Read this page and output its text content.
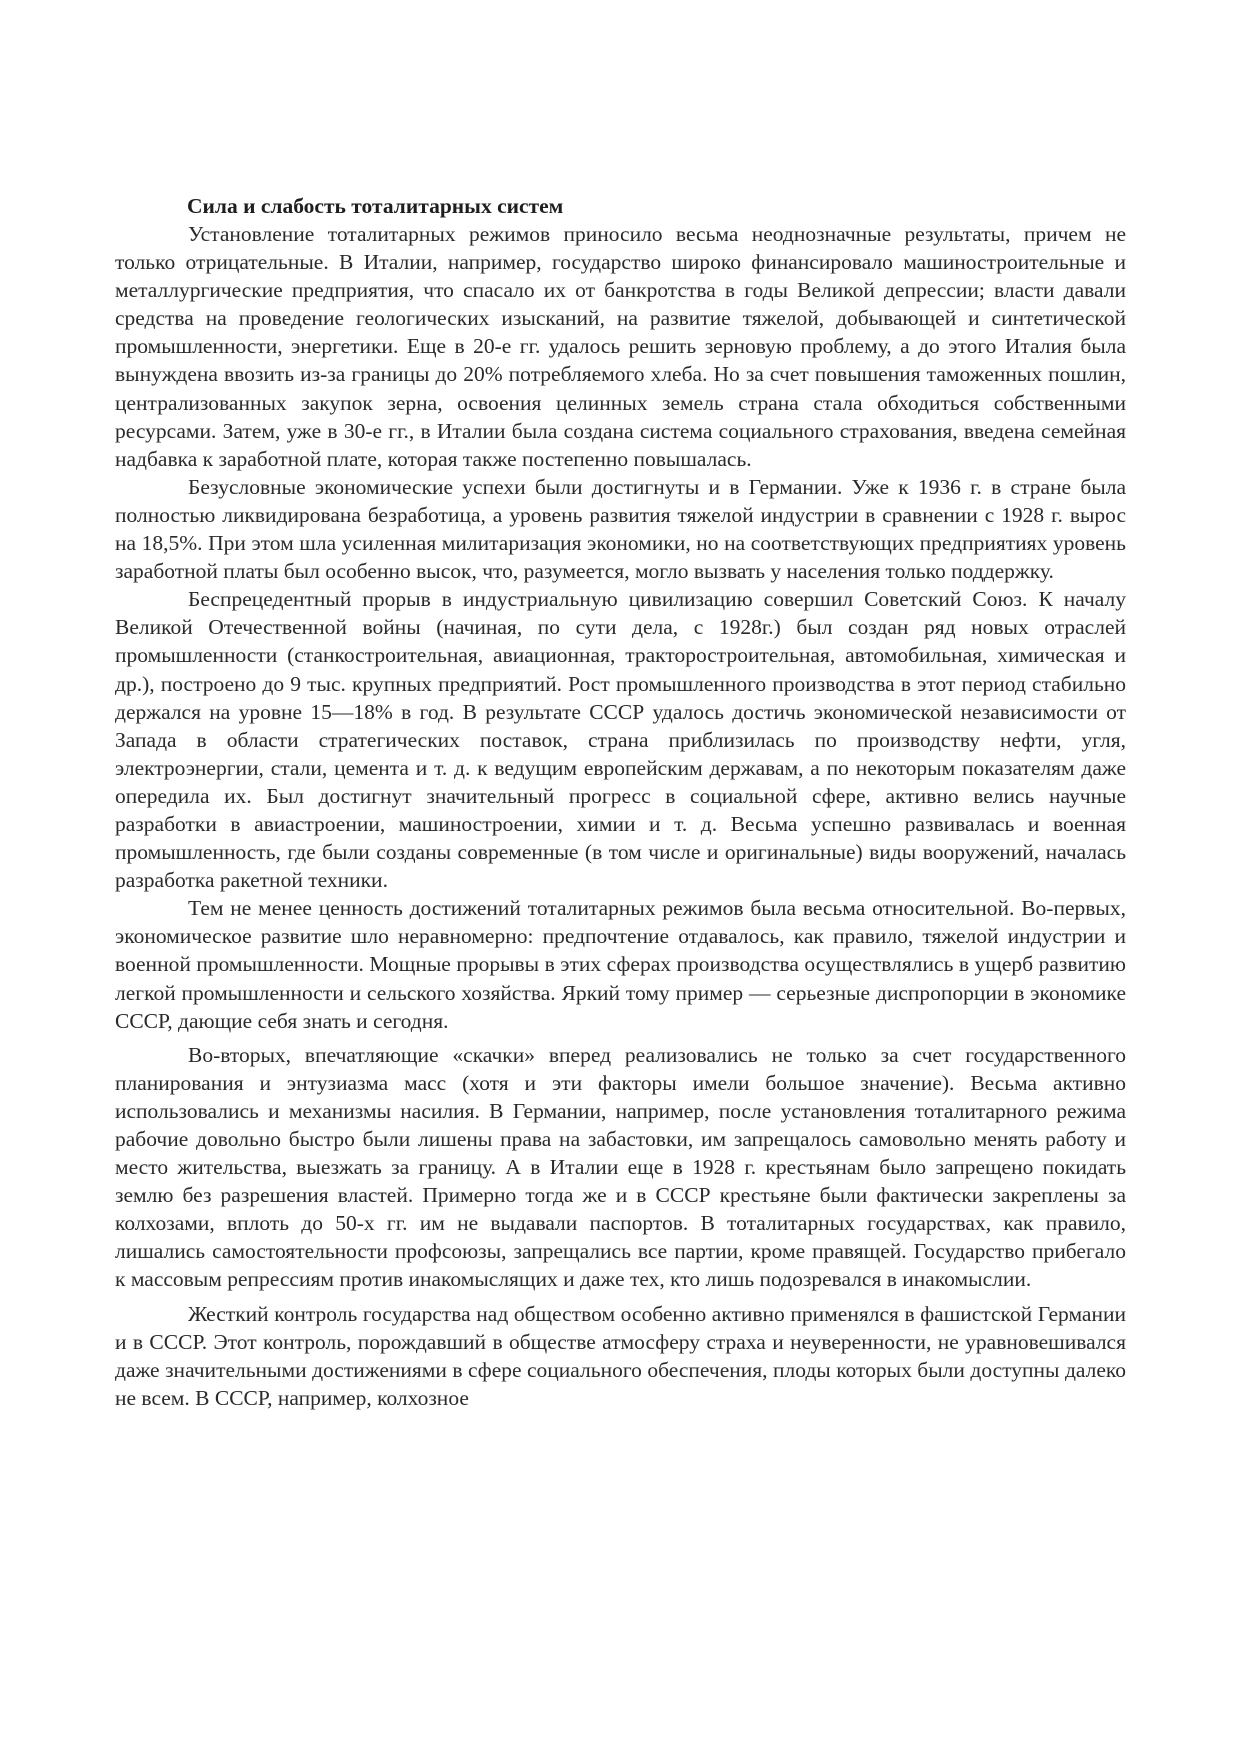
Сила и слабость тоталитарных систем

Установление тоталитарных режимов приносило весьма неоднозначные результаты, причем не только отрицательные. В Италии, например, государство широко финансировало машиностроительные и металлургические предприятия, что спасало их от банкротства в годы Великой депрессии; власти давали средства на проведение геологических изысканий, на развитие тяжелой, добывающей и синтетической промышленности, энергетики. Еще в 20-е гг. удалось решить зерновую проблему, а до этого Италия была вынуждена ввозить из-за границы до 20% потребляемого хлеба. Но за счет повышения таможенных пошлин, централизованных закупок зерна, освоения целинных земель страна стала обходиться собственными ресурсами. Затем, уже в 30-е гг., в Италии была создана система социального страхования, введена семейная надбавка к заработной плате, которая также постепенно повышалась.

Безусловные экономические успехи были достигнуты и в Германии. Уже к 1936 г. в стране была полностью ликвидирована безработица, а уровень развития тяжелой индустрии в сравнении с 1928 г. вырос на 18,5%. При этом шла усиленная милитаризация экономики, но на соответствующих предприятиях уровень заработной платы был особенно высок, что, разумеется, могло вызвать у населения только поддержку.

Беспрецедентный прорыв в индустриальную цивилизацию совершил Советский Союз. К началу Великой Отечественной войны (начиная, по сути дела, с 1928г.) был создан ряд новых отраслей промышленности (станкостроительная, авиационная, тракторостроительная, автомобильная, химическая и др.), построено до 9 тыс. крупных предприятий. Рост промышленного производства в этот период стабильно держался на уровне 15—18% в год. В результате СССР удалось достичь экономической независимости от Запада в области стратегических поставок, страна приблизилась по производству нефти, угля, электроэнергии, стали, цемента и т. д. к ведущим европейским державам, а по некоторым показателям даже опередила их. Был достигнут значительный прогресс в социальной сфере, активно велись научные разработки в авиастроении, машиностроении, химии и т. д. Весьма успешно развивалась и военная промышленность, где были созданы современные (в том числе и оригинальные) виды вооружений, началась разработка ракетной техники.

Тем не менее ценность достижений тоталитарных режимов была весьма относительной. Во-первых, экономическое развитие шло неравномерно: предпочтение отдавалось, как правило, тяжелой индустрии и военной промышленности. Мощные прорывы в этих сферах производства осуществлялись в ущерб развитию легкой промышленности и сельского хозяйства. Яркий тому пример — серьезные диспропорции в экономике СССР, дающие себя знать и сегодня.

Во-вторых, впечатляющие «скачки» вперед реализовались не только за счет государственного планирования и энтузиазма масс (хотя и эти факторы имели большое значение). Весьма активно использовались и механизмы насилия. В Германии, например, после установления тоталитарного режима рабочие довольно быстро были лишены права на забастовки, им запрещалось самовольно менять работу и место жительства, выезжать за границу. А в Италии еще в 1928 г. крестьянам было запрещено покидать землю без разрешения властей. Примерно тогда же и в СССР крестьяне были фактически закреплены за колхозами, вплоть до 50-х гг. им не выдавали паспортов. В тоталитарных государствах, как правило, лишались самостоятельности профсоюзы, запрещались все партии, кроме правящей. Государство прибегало к массовым репрессиям против инакомыслящих и даже тех, кто лишь подозревался в инакомыслии.

Жесткий контроль государства над обществом особенно активно применялся в фашистской Германии и в СССР. Этот контроль, порождавший в обществе атмосферу страха и неуверенности, не уравновешивался даже значительными достижениями в сфере социального обеспечения, плоды которых были доступны далеко не всем. В СССР, например, колхозное
